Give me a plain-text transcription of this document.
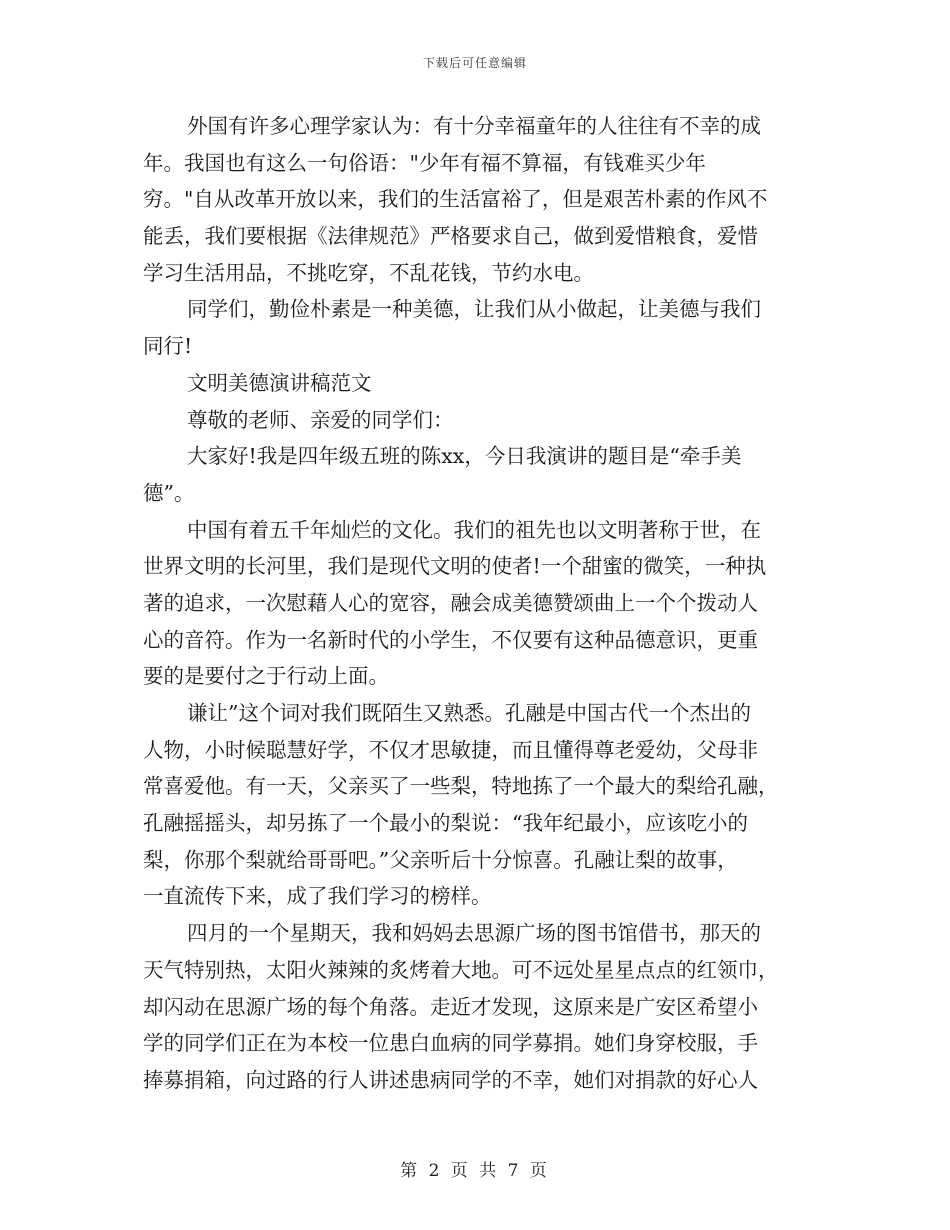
下载后可任意编辑
外国有许多心理学家认为：有十分幸福童年的人往往有不幸的成
年。我国也有这么一句俗语："少年有福不算福，有钱难买少年
穷。"自从改革开放以来，我们的生活富裕了，但是艰苦朴素的作风不
能丢，我们要根据《法律规范》严格要求自己，做到爱惜粮食，爱惜
学习生活用品，不挑吃穿，不乱花钱，节约水电。
同学们，勤俭朴素是一种美德，让我们从小做起，让美德与我们
同行!
文明美德演讲稿范文
尊敬的老师、亲爱的同学们：
大家好!我是四年级五班的陈xx，今日我演讲的题目是“牵手美
德”。
中国有着五千年灿烂的文化。我们的祖先也以文明著称于世，在
世界文明的长河里，我们是现代文明的使者!一个甜蜜的微笑，一种执
著的追求，一次慰藉人心的宽容，融会成美德赞颂曲上一个个拨动人
心的音符。作为一名新时代的小学生，不仅要有这种品德意识，更重
要的是要付之于行动上面。
谦让”这个词对我们既陌生又熟悉。孔融是中国古代一个杰出的
人物，小时候聪慧好学，不仅才思敏捷，而且懂得尊老爱幼，父母非
常喜爱他。有一天，父亲买了一些梨，特地拣了一个最大的梨给孔融，
孔融摇摇头，却另拣了一个最小的梨说：“我年纪最小，应该吃小的
梨，你那个梨就给哥哥吧。”父亲听后十分惊喜。孔融让梨的故事，
一直流传下来，成了我们学习的榜样。
四月的一个星期天，我和妈妈去思源广场的图书馆借书，那天的
天气特别热，太阳火辣辣的炙烤着大地。可不远处星星点点的红领巾，
却闪动在思源广场的每个角落。走近才发现，这原来是广安区希望小
学的同学们正在为本校一位患白血病的同学募捐。她们身穿校服，手
捧募捐箱，向过路的行人讲述患病同学的不幸，她们对捐款的好心人
第 2 页 共 7 页
